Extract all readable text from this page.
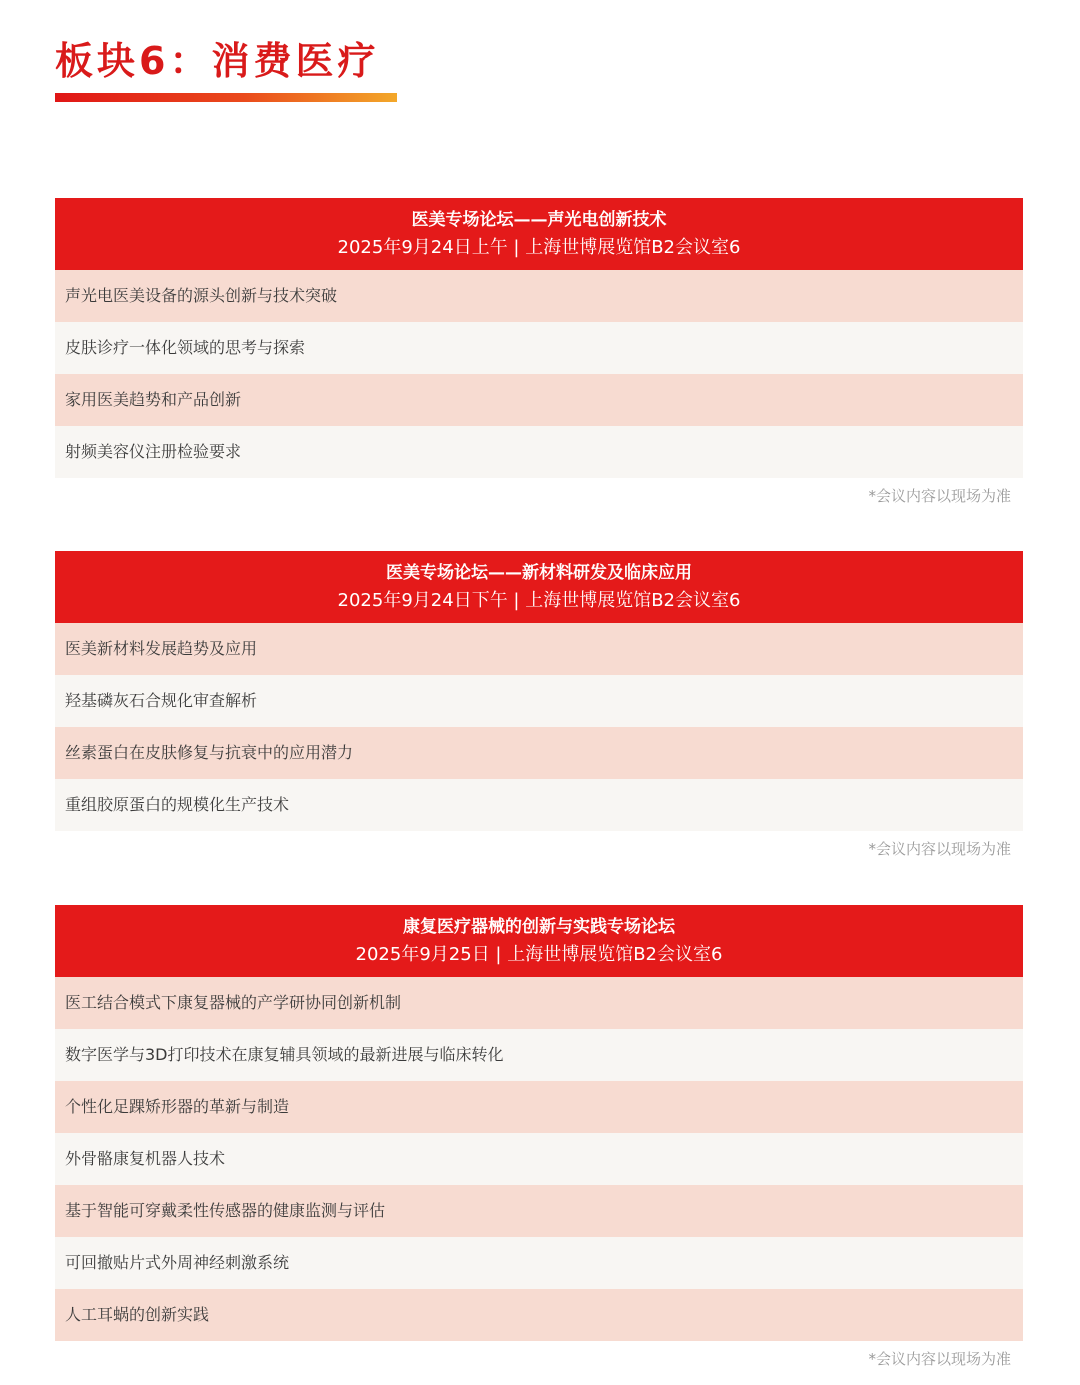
板块6：消费医疗
医美专场论坛——声光电创新技术
2025年9月24日上午 | 上海世博展览馆B2会议室6
声光电医美设备的源头创新与技术突破
皮肤诊疗一体化领域的思考与探索
家用医美趋势和产品创新
射频美容仪注册检验要求
*会议内容以现场为准
医美专场论坛——新材料研发及临床应用
2025年9月24日下午 | 上海世博展览馆B2会议室6
医美新材料发展趋势及应用
羟基磷灰石合规化审查解析
丝素蛋白在皮肤修复与抗衰中的应用潜力
重组胶原蛋白的规模化生产技术
*会议内容以现场为准
康复医疗器械的创新与实践专场论坛
2025年9月25日 | 上海世博展览馆B2会议室6
医工结合模式下康复器械的产学研协同创新机制
数字医学与3D打印技术在康复辅具领域的最新进展与临床转化
个性化足踝矫形器的革新与制造
外骨骼康复机器人技术
基于智能可穿戴柔性传感器的健康监测与评估
可回撤贴片式外周神经刺激系统
人工耳蜗的创新实践
*会议内容以现场为准
